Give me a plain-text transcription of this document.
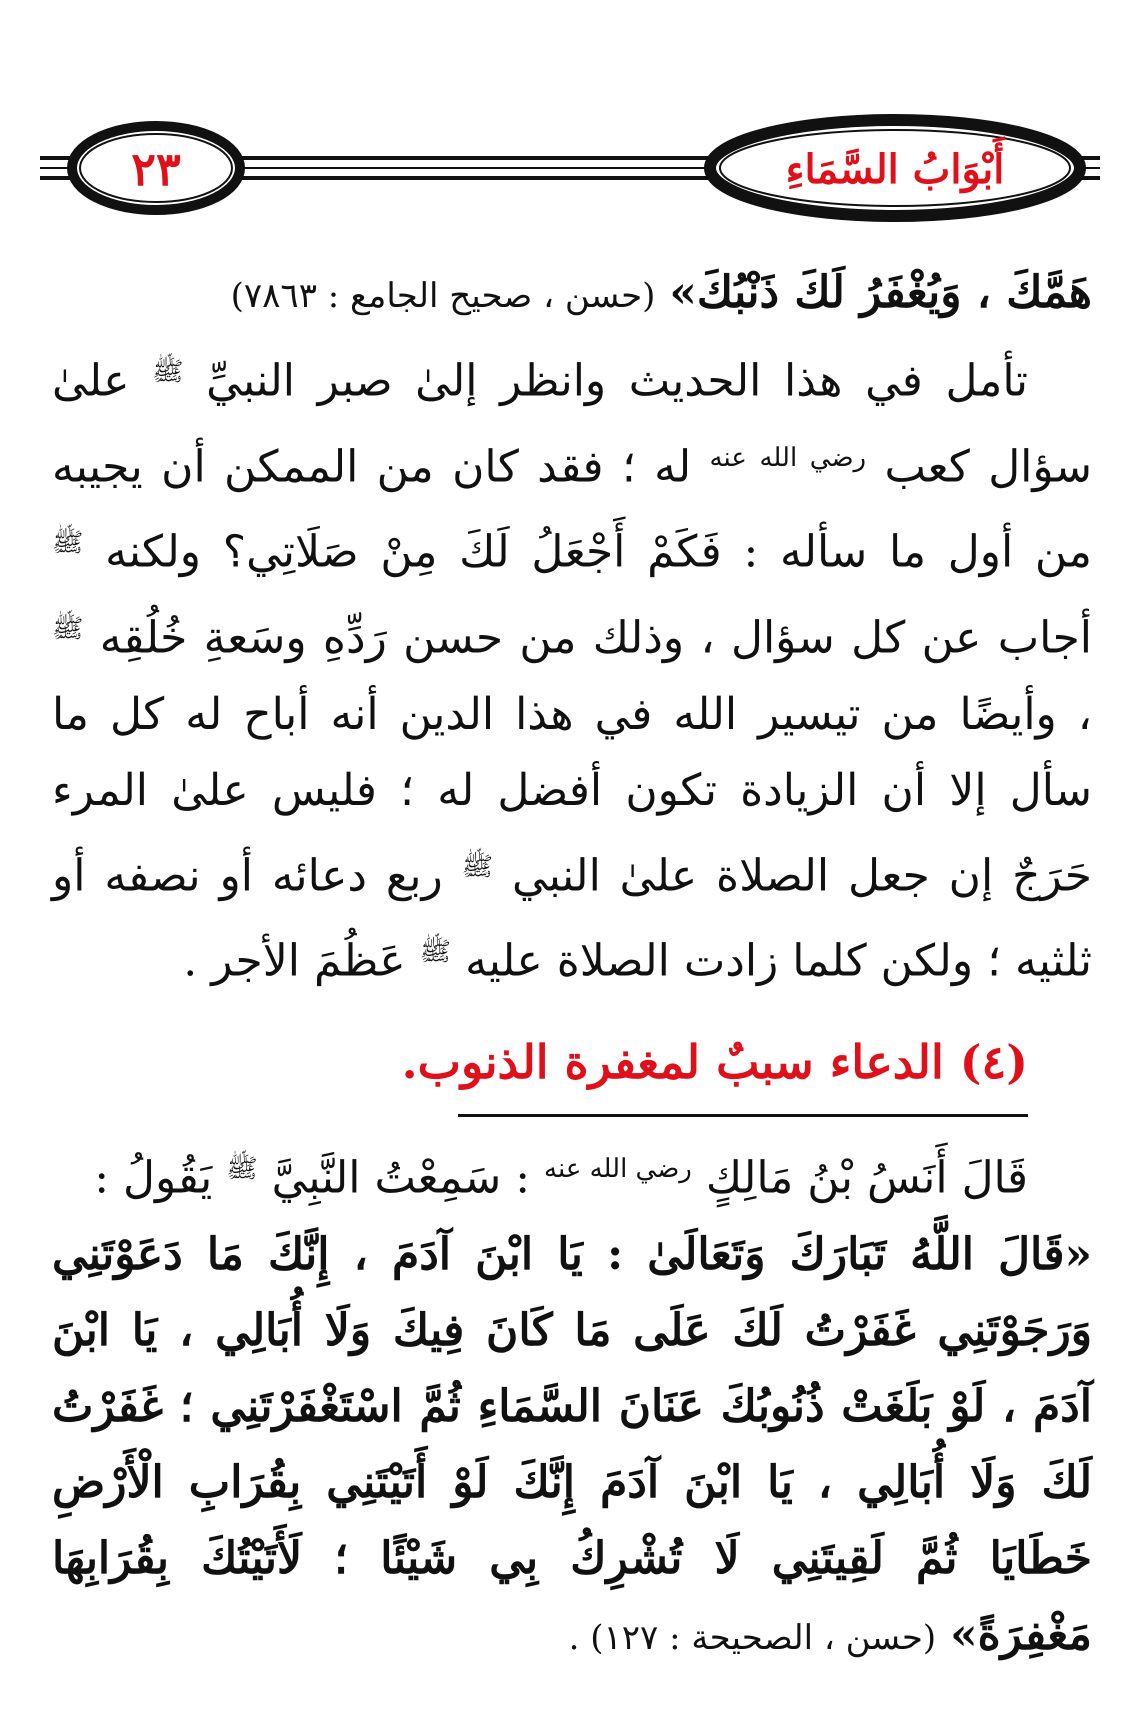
٢٣	أَبْوَابُ السَّمَاءِ

هَمَّكَ ، وَيُغْفَرُ لَكَ ذَنْبُكَ» (حسن ، صحيح الجامع : ٧٨٦٣)

تأمل في هذا الحديث وانظر إلىٰ صبر النبيِّ $^ﷺ$ علىٰ سؤال كعب $^{رضي الله عنه}$ له ؛ فقد كان من الممكن أن يجيبه من أول ما سأله : فَكَمْ أَجْعَلُ لَكَ مِنْ صَلَاتِي؟ ولكنه $^ﷺ$ أجاب عن كل سؤال ، وذلك من حسن رَدِّهِ وسَعةِ خُلُقِه $^ﷺ$ ، وأيضًا من تيسير الله في هذا الدين أنه أباح له كل ما سأل إلا أن الزيادة تكون أفضل له ؛ فليس علىٰ المرء حَرَجٌ إن جعل الصلاة علىٰ النبي $^ﷺ$ ربع دعائه أو نصفه أو ثلثيه ؛ ولكن كلما زادت الصلاة عليه $^ﷺ$ عَظُمَ الأجر .

(٤) الدعاء سببٌ لمغفرة الذنوب.

قَالَ أَنَسُ بْنُ مَالِكٍ $^{رضي الله عنه}$ : سَمِعْتُ النَّبِيَّ $^ﷺ$ يَقُولُ :

«قَالَ اللَّهُ تَبَارَكَ وَتَعَالَىٰ : يَا ابْنَ آدَمَ ، إِنَّكَ مَا دَعَوْتَنِي وَرَجَوْتَنِي غَفَرْتُ لَكَ عَلَى مَا كَانَ فِيكَ وَلَا أُبَالِي ، يَا ابْنَ آدَمَ ، لَوْ بَلَغَتْ ذُنُوبُكَ عَنَانَ السَّمَاءِ ثُمَّ اسْتَغْفَرْتَنِي ؛ غَفَرْتُ لَكَ وَلَا أُبَالِي ، يَا ابْنَ آدَمَ إِنَّكَ لَوْ أَتَيْتَنِي بِقُرَابِ الْأَرْضِ خَطَايَا ثُمَّ لَقِيتَنِي لَا تُشْرِكُ بِي شَيْئًا ؛ لَأَتَيْتُكَ بِقُرَابِهَا مَغْفِرَةً» (حسن ، الصحيحة : ١٢٧) .
